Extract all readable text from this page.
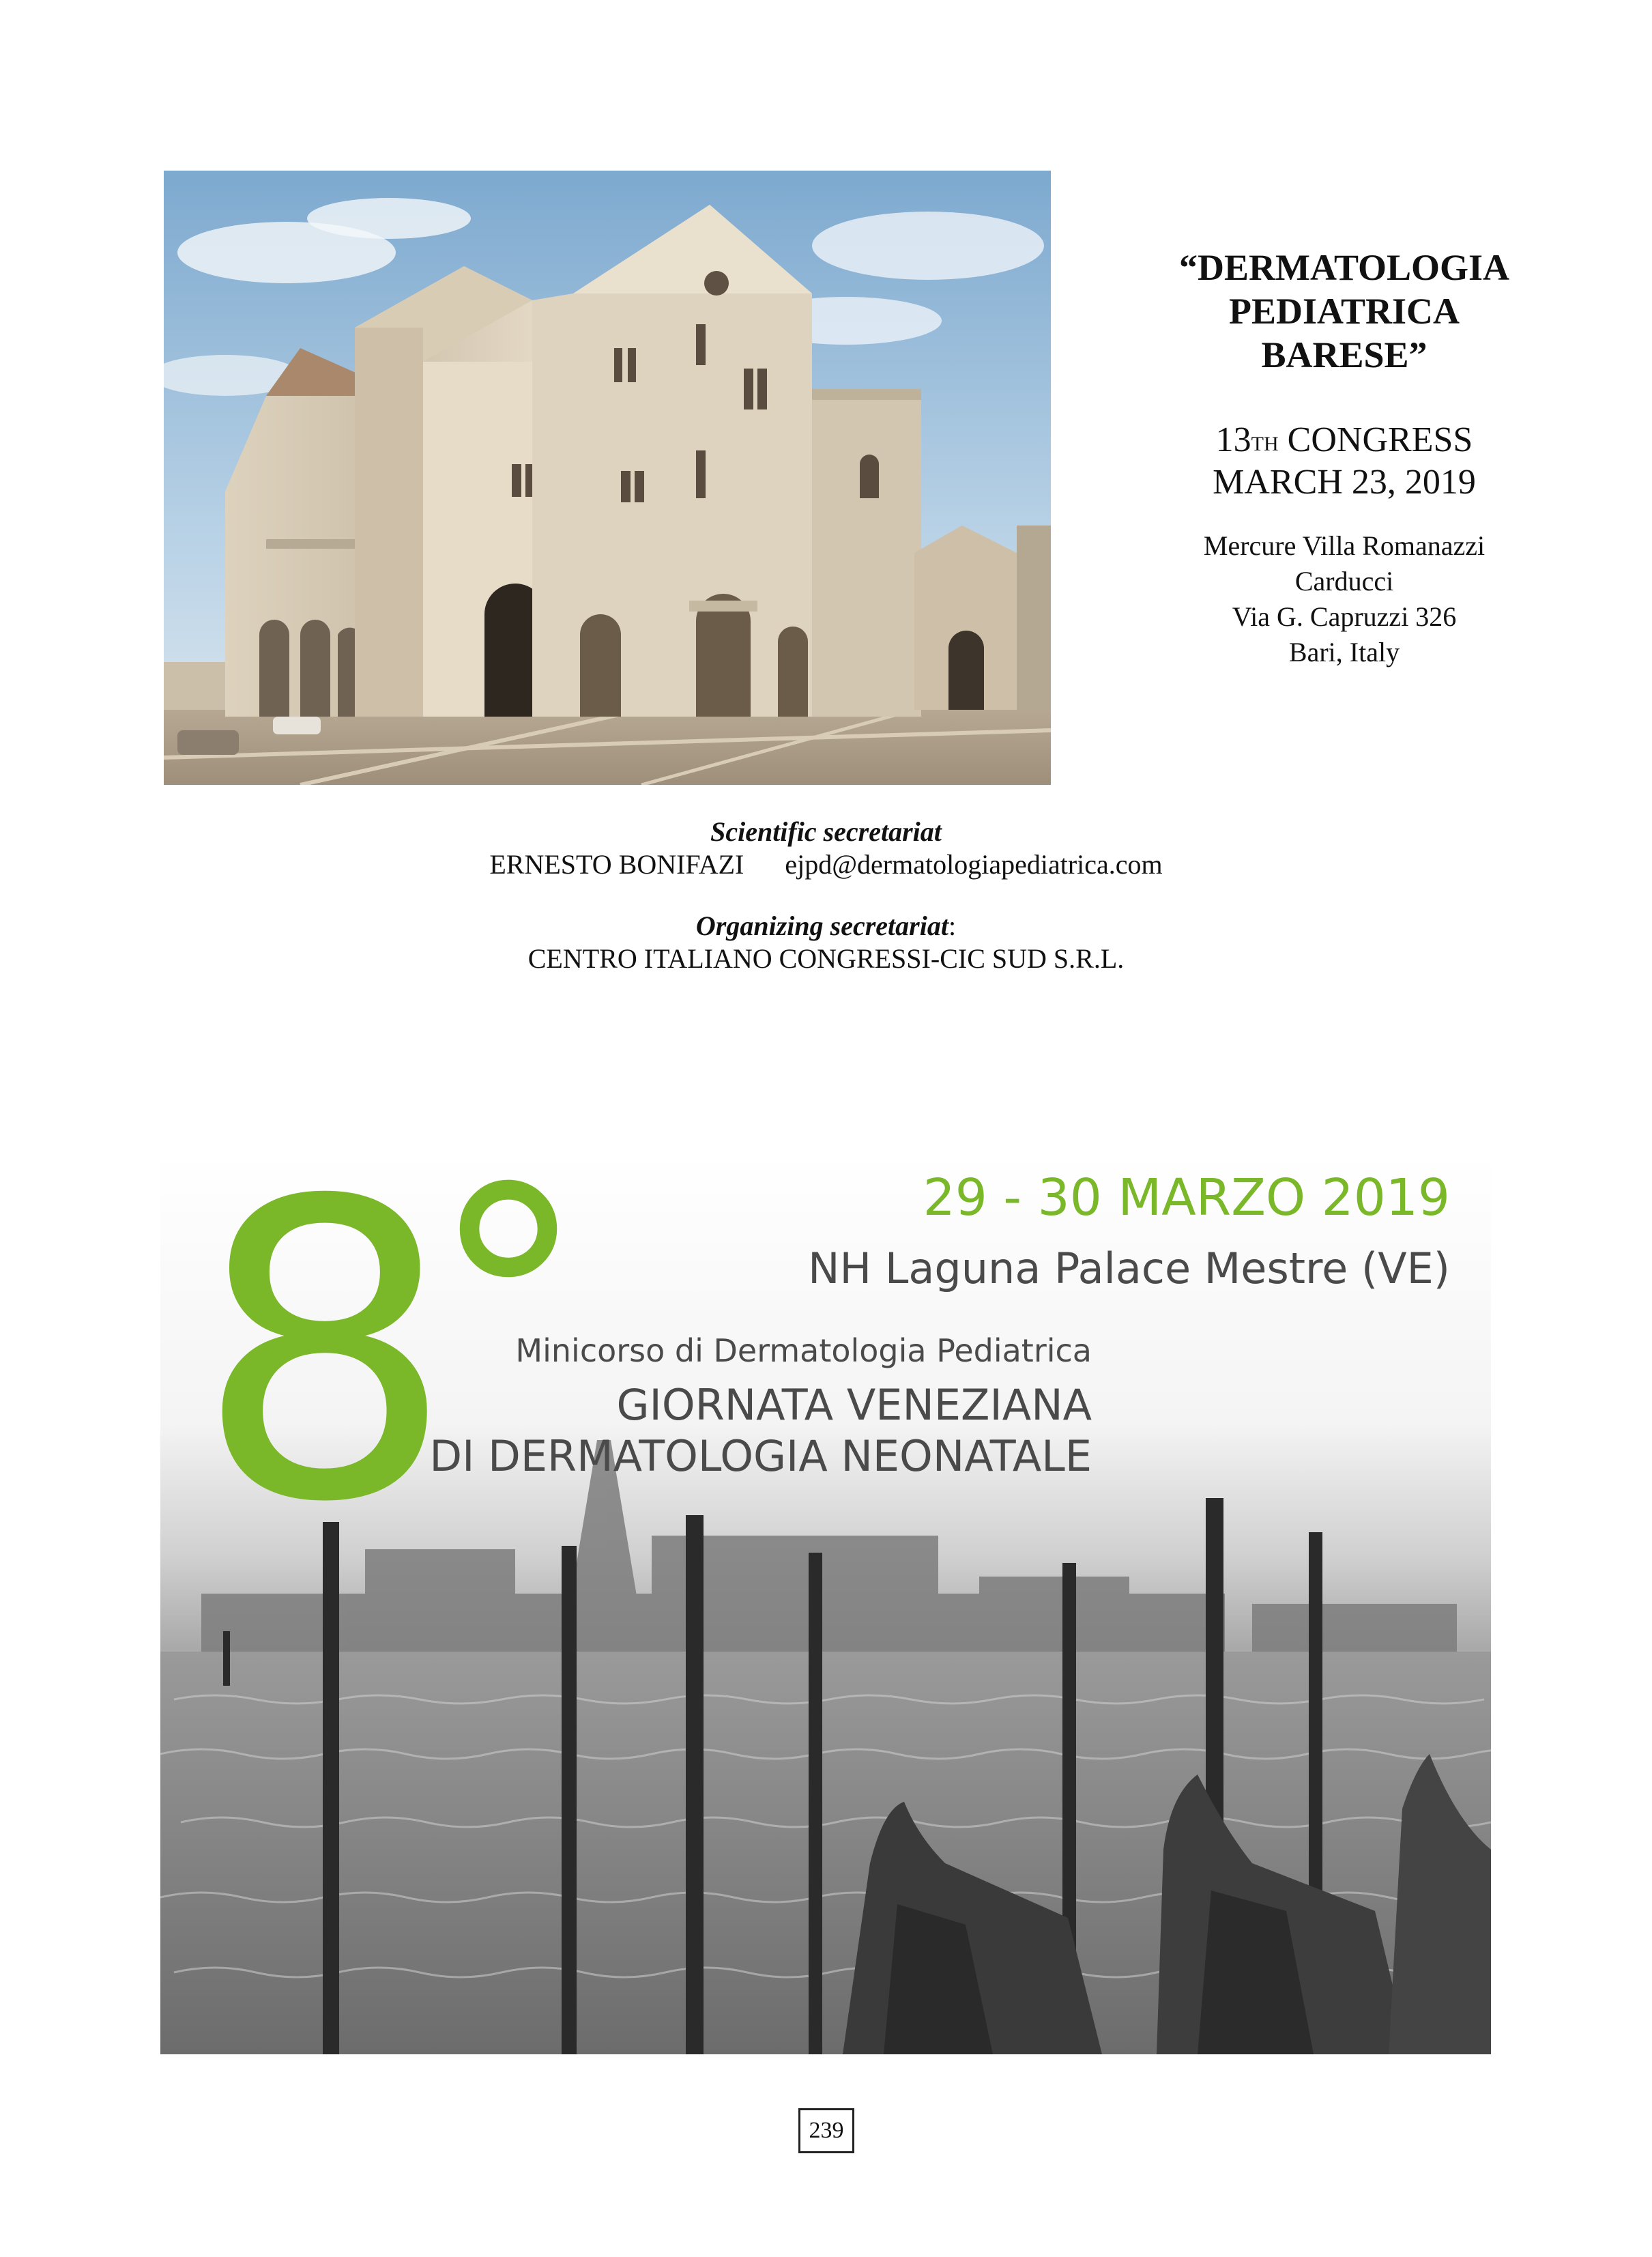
“DERMATOLOGIA
PEDIATRICA
BARESE”
13TH CONGRESS
MARCH 23, 2019
Mercure Villa Romanazzi
Carducci
Via G. Capruzzi 326
Bari, Italy
Scientific secretariat
ERNESTO BONIFAZI ejpd@dermatologiapediatrica.com
Organizing secretariat:
CENTRO ITALIANO CONGRESSI-CIC SUD S.R.L.
8
°	29 - 30 MARZO 2019
NH Laguna Palace Mestre (VE)
Minicorso di Dermatologia Pediatrica
GIORNATA VENEZIANA
DI DERMATOLOGIA NEONATALE
239
